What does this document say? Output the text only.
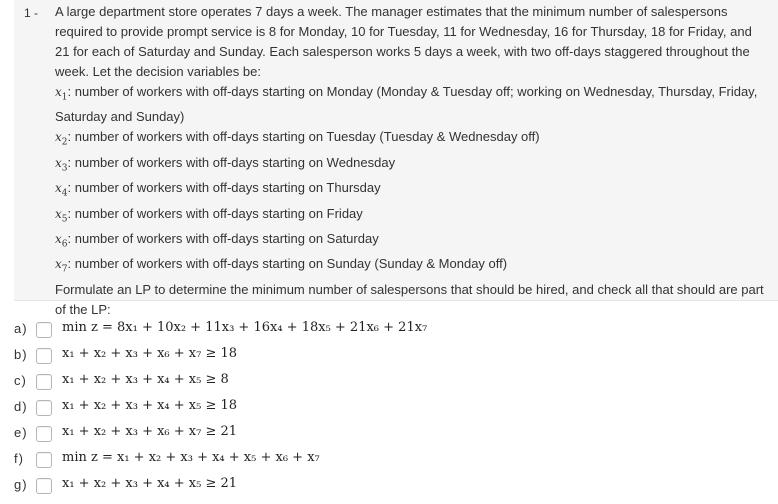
1 - A large department store operates 7 days a week. The manager estimates that the minimum number of salespersons required to provide prompt service is 8 for Monday, 10 for Tuesday, 11 for Wednesday, 16 for Thursday, 18 for Friday, and 21 for each of Saturday and Sunday. Each salesperson works 5 days a week, with two off-days staggered throughout the week. Let the decision variables be:

$x_1$: number of workers with off-days starting on Monday (Monday & Tuesday off; working on Wednesday, Thursday, Friday, Saturday and Sunday)

$x_2$: number of workers with off-days starting on Tuesday (Tuesday & Wednesday off)

$x_3$: number of workers with off-days starting on Wednesday

$x_4$: number of workers with off-days starting on Thursday

$x_5$: number of workers with off-days starting on Friday

$x_6$: number of workers with off-days starting on Saturday

$x_7$: number of workers with off-days starting on Sunday (Sunday & Monday off)

Formulate an LP to determine the minimum number of salespersons that should be hired, and check all that should are part of the LP:

a)	min z = 8x₁ + 10x₂ + 11x₃ + 16x₄ + 18x₅ + 21x₆ + 21x₇
b)	x₁ + x₂ + x₃ + x₆ + x₇ ≥ 18
c)	x₁ + x₂ + x₃ + x₄ + x₅ ≥ 8
d)	x₁ + x₂ + x₃ + x₄ + x₅ ≥ 18
e)	x₁ + x₂ + x₃ + x₆ + x₇ ≥ 21
f)	min z = x₁ + x₂ + x₃ + x₄ + x₅ + x₆ + x₇
g)	x₁ + x₂ + x₃ + x₄ + x₅ ≥ 21
